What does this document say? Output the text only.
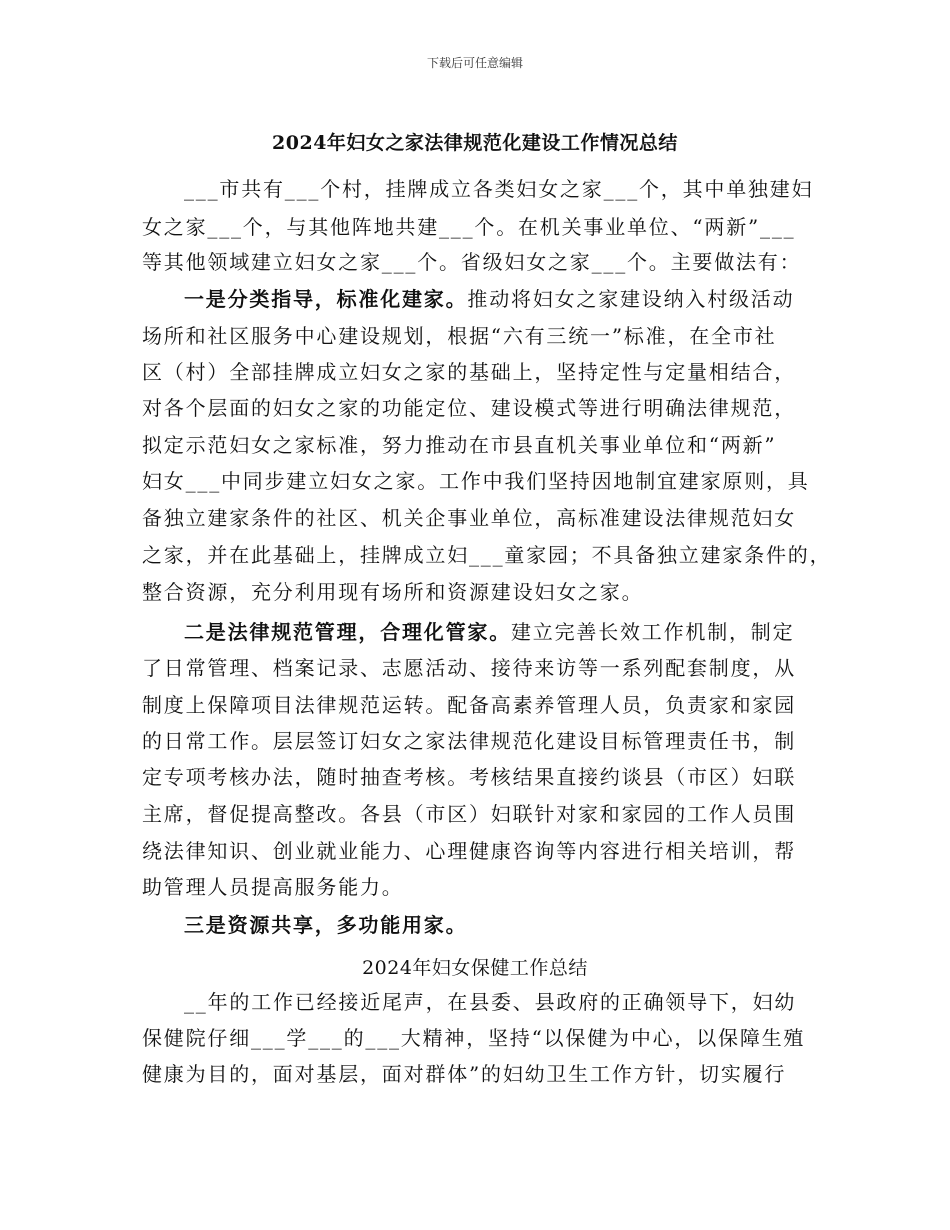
下载后可任意编辑
2024年妇女之家法律规范化建设工作情况总结
___市共有___个村，挂牌成立各类妇女之家___个，其中单独建妇
女之家___个，与其他阵地共建___个。在机关事业单位、“两新”___
等其他领域建立妇女之家___个。省级妇女之家___个。主要做法有：
一是分类指导，标准化建家。推动将妇女之家建设纳入村级活动
场所和社区服务中心建设规划，根据“六有三统一”标准，在全市社
区（村）全部挂牌成立妇女之家的基础上，坚持定性与定量相结合，
对各个层面的妇女之家的功能定位、建设模式等进行明确法律规范，
拟定示范妇女之家标准，努力推动在市县直机关事业单位和“两新”
妇女___中同步建立妇女之家。工作中我们坚持因地制宜建家原则，具
备独立建家条件的社区、机关企事业单位，高标准建设法律规范妇女
之家，并在此基础上，挂牌成立妇___童家园；不具备独立建家条件的，
整合资源，充分利用现有场所和资源建设妇女之家。
二是法律规范管理，合理化管家。建立完善长效工作机制，制定
了日常管理、档案记录、志愿活动、接待来访等一系列配套制度，从
制度上保障项目法律规范运转。配备高素养管理人员，负责家和家园
的日常工作。层层签订妇女之家法律规范化建设目标管理责任书，制
定专项考核办法，随时抽查考核。考核结果直接约谈县（市区）妇联
主席，督促提高整改。各县（市区）妇联针对家和家园的工作人员围
绕法律知识、创业就业能力、心理健康咨询等内容进行相关培训，帮
助管理人员提高服务能力。
三是资源共享，多功能用家。
2024年妇女保健工作总结
__年的工作已经接近尾声，在县委、县政府的正确领导下，妇幼
保健院仔细___学___的___大精神，坚持“以保健为中心，以保障生殖
健康为目的，面对基层，面对群体”的妇幼卫生工作方针，切实履行
